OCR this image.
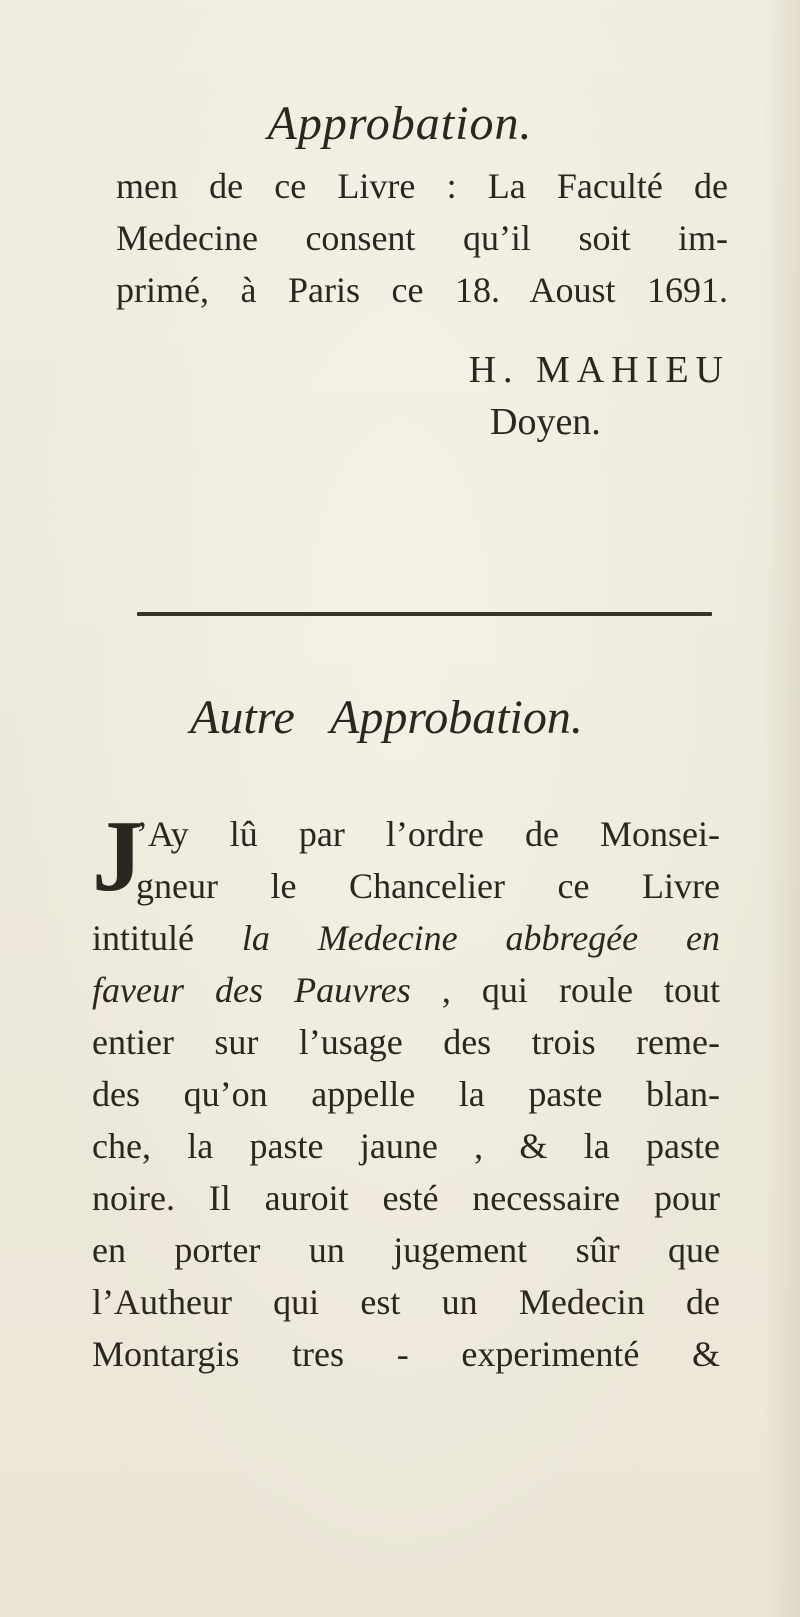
Approbation.
men de ce Livre : La Faculté de
Medecine consent qu’il soit im-
primé, à Paris ce 18. Aoust 1691.
H. MAHIEU
Doyen.
Autre Approbation.
J
’Ay lû par l’ordre de Monsei-
gneur le Chancelier ce Livre
intitulé la Medecine abbregée en
faveur des Pauvres , qui roule tout
entier sur l’usage des trois reme-
des qu’on appelle la paste blan-
che, la paste jaune , & la paste
noire. Il auroit esté necessaire pour
en porter un jugement sûr que
l’Autheur qui est un Medecin de
Montargis tres - experimenté &
